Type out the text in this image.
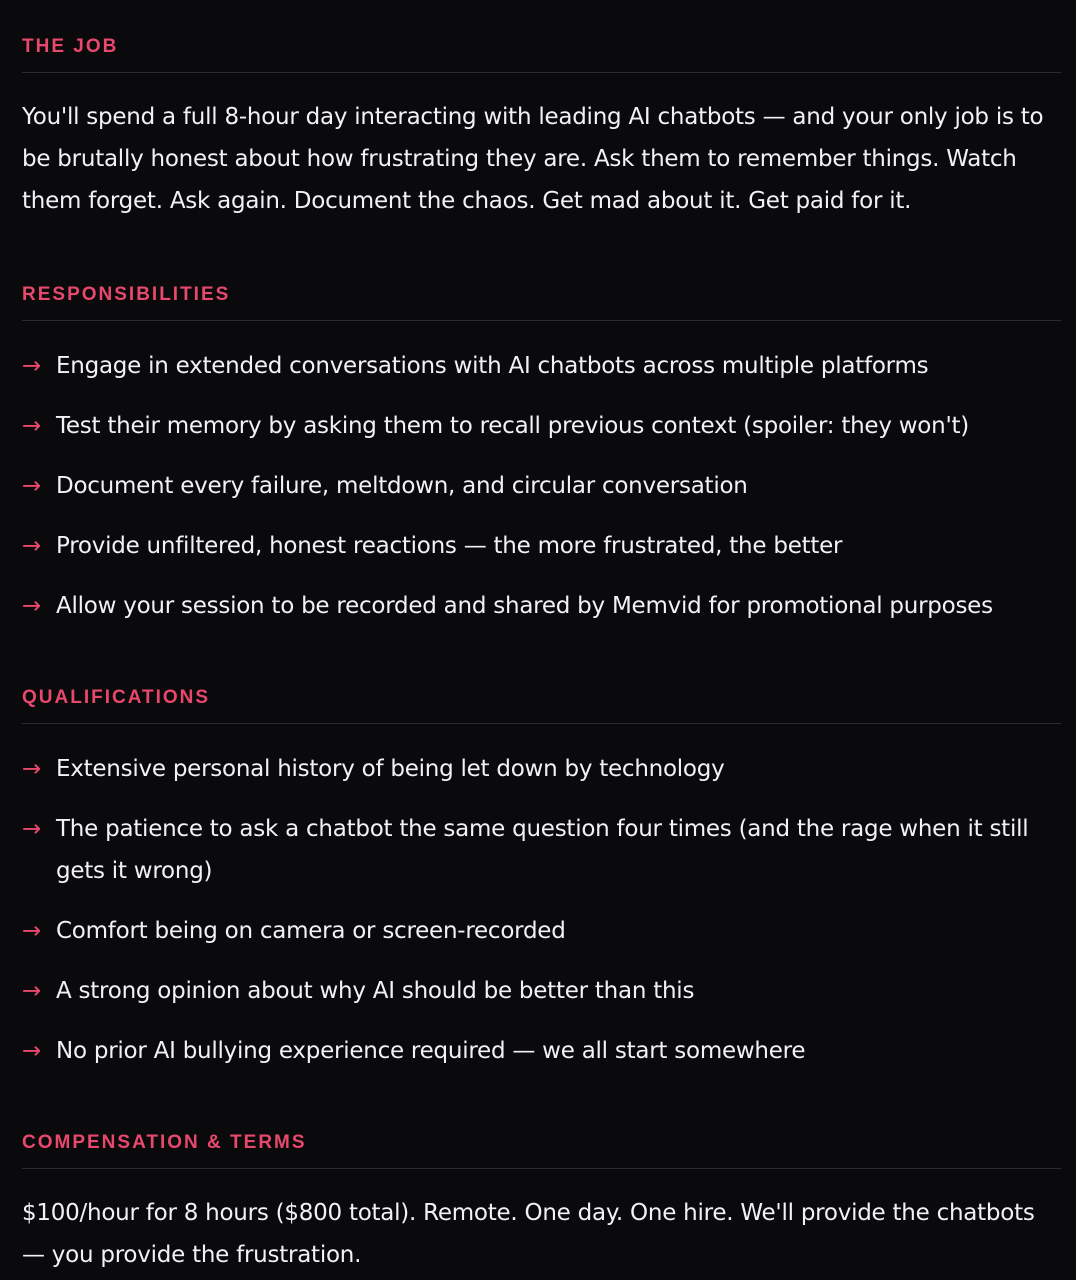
THE JOB

You'll spend a full 8-hour day interacting with leading AI chatbots — and your only job is to be brutally honest about how frustrating they are. Ask them to remember things. Watch them forget. Ask again. Document the chaos. Get mad about it. Get paid for it.

RESPONSIBILITIES
→ Engage in extended conversations with AI chatbots across multiple platforms
→ Test their memory by asking them to recall previous context (spoiler: they won't)
→ Document every failure, meltdown, and circular conversation
→ Provide unfiltered, honest reactions — the more frustrated, the better
→ Allow your session to be recorded and shared by Memvid for promotional purposes
QUALIFICATIONS
→ Extensive personal history of being let down by technology
→ The patience to ask a chatbot the same question four times (and the rage when it still gets it wrong)
→ Comfort being on camera or screen-recorded
→ A strong opinion about why AI should be better than this
→ No prior AI bullying experience required — we all start somewhere
COMPENSATION & TERMS

$100/hour for 8 hours ($800 total). Remote. One day. One hire. We'll provide the chatbots — you provide the frustration.
